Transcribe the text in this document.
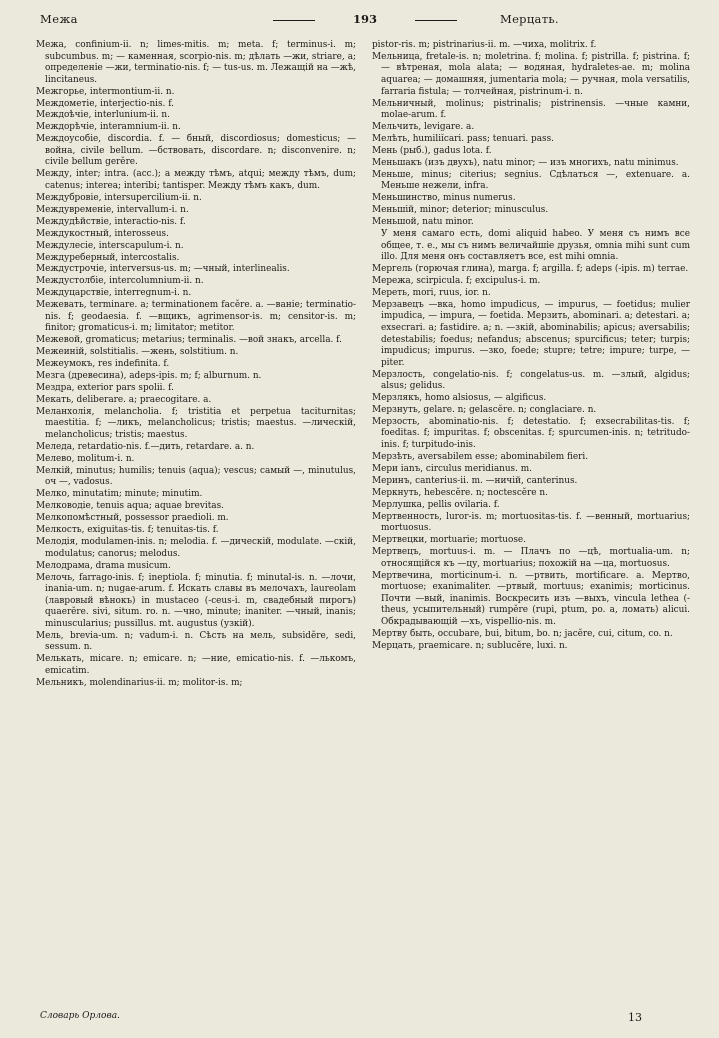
Межа	193	Мерцать.
Межа, confinium-ii. n; limes-mitis. m; meta. f; terminus-i. m; subcumbus. m; — каменная, scorpio-nis. m; дѣлать —жи, striare, a; определенie —жи, terminatio-nis. f; — tus-us. m. Лежащiй на —жѣ, lincitaneus.
Межгорье, intermontium-ii. n.
Междометiе, interjectio-nis. f.
Междоѣчiе, interlunium-ii. n.
Междорѣчiе, interamnium-ii. n.
Междоусобiе, discordia. f. — бный, discordiosus; domesticus; — война, civile bellum. —бствовать, discordare. n; disconvenire. n; civile bellum gerĕre.
Между, inter; intra. (acc.); а между тѣмъ, atqui; между тѣмъ, dum; catenus; interea; interibi; tantisper. Между тѣмъ какъ, dum.
Междубровiе, intersupercilium-ii. n.
Междувременiе, intervallum-i. n.
Междудѣйствiе, interactio-nis. f.
Междукостный, interosseus.
Междулесiе, interscapulum-i. n.
Междуреберный, intercostalis.
Междустрочiе, interversus-us. m; —чный, interlinealis.
Междустолбiе, intercolumnium-ii. n.
Междуцарствiе, interregnum-i. n.
Межевать, terminare. a; terminationem facĕre. a. —ванiе; terminatio-nis. f; geodaesia. f. —вщикъ, agrimensor-is. m; censitor-is. m; finitor; gromaticus-i. m; limitator; metitor.
Межевой, gromaticus; metarius; terminalis. —вой знакъ, arcella. f.
Межеинiй, solstitialis. —жень, solstitium. n.
Межеумокъ, res indefinita. f.
Мезга (древесина), adeps-ipis. m; f; alburnum. n.
Мездра, exterior pars spolii. f.
Мекать, deliberare. a; praecogitare. a.
Меланхолiя, melancholia. f; tristitia et perpetua taciturnitas; maestitia. f; —ликъ, melancholicus; tristis; maestus. —лическiй, melancholicus; tristis; maestus.
Меледа, retardatio-nis. f.—дить, retardare. a. n.
Мелево, molitum-i. n.
Мелкiй, minutus; humilis; tenuis (aqua); vescus; самый —, minutulus, оч —, vadosus.
Мелко, minutatim; minute; minutim.
Мелководiе, tenuis aqua; aquae brevitas.
Мелкопомѣстный, possessor praedioli. m.
Мелкость, exiguitas-tis. f; tenuitas-tis. f.
Мелодiя, modulamen-inis. n; melodia. f. —дическiй, modulate. —скiй, modulatus; canorus; melodus.
Мелодрама, drama musicum.
Мелочь, farrago-inis. f; ineptiola. f; minutia. f; minutal-is. n. —лочи, inania-um. n; nugae-arum. f. Искать славы въ мелочахъ, laureolam (лавровый вѣнокъ) in mustaceo (-ceus-i. m, свадебный пирогъ) quaerĕre. sivi, situm. ro. n. —чно, minute; inaniter. —чный, inanis; minuscularius; pussillus. mt. augustus (узкiй).
Мель, brevia-um. n; vadum-i. n. Сѣсть на мель, subsidĕre, sedi, sessum. n.
Мелькать, micare. n; emicare. n; —ние, emicatio-nis. f. —лькомъ, emicatim.
Мельникъ, molendinarius-ii. m; molitor-is. m;
pistor-ris. m; pistrinarius-ii. m. —чиха, molitrix. f.
Мельница, fretale-is. n; moletrina. f; molina. f; pistrilla. f; pistrina. f; — вѣтреная, mola alata; — водяная, hydraletes-ae. m; molina aquarea; — домашняя, jumentaria mola; — ручная, mola versatilis, farraria fistula; — толчейная, pistrinum-i. n.
Мельничный, molinus; pistrinalis; pistrinensis. —чные камни, molae-arum. f.
Мельчить, levigare. a.
Мелѣть, humiliĭcari. pass; tenuari. pass.
Мень (рыб.), gadus lota. f.
Меньшакъ (изъ двухъ), natu minor; — изъ многихъ, natu minimus.
Меньше, minus; citerius; segnius. Сдѣлаться —, extenuare. a. Меньше нежели, infra.
Меньшинство, minus numerus.
Меньшiй, minor; deterior; minusculus.
Меньшой, natu minor.
У меня самаго есть, domi aliquid habeo. У меня съ нимъ все общее, т. е., мы съ нимъ величайшiе друзья, omnia mihi sunt cum illo. Для меня онъ составляетъ все, est mihi omnia.
Мергель (горючая глина), marga. f; argilla. f; adeps (-ipis. m) terrae.
Мережа, scirpicula. f; excipulus-i. m.
Мереть, mori, ruus, ior. n.
Мерзавецъ —вка, homo impudicus, — impurus, — foetidus; mulier impudica, — impura, — foetida. Мерзить, abominari. a; detestari. a; exsecrari. a; fastidire. a; n. —зкiй, abominabilis; apicus; aversabilis; detestabilis; foedus; nefandus; abscenus; spurcificus; teter; turpis; impudicus; impurus. —зко, foede; stupre; tetre; impure; turpe, — piter.
Мерзлость, congelatio-nis. f; congelatus-us. m. —злый, algidus; alsus; gelidus.
Мерзлякъ, homo alsiosus, — algificus.
Мерзнуть, gelare. n; gelascĕre. n; conglaciare. n.
Мерзость, abominatio-nis. f; detestatio. f; exsecrabilitas-tis. f; foeditas. f; impuritas. f; obscenitas. f; spurcumen-inis. n; tetritudo-inis. f; turpitudo-inis.
Мерзѣть, aversabilem esse; abominabilem fieri.
Мери ianъ, circulus meridianus. m.
Меринъ, canterius-ii. m. —ничiй, canterinus.
Меркнуть, hebescĕre. n; noctescĕre n.
Мерлушка, pellis ovilaria. f.
Мертвенность, luror-is. m; mortuositas-tis. f. —венный, mortuarius; mortuosus.
Мертвецки, mortuarie; mortuose.
Мертвецъ, mortuus-i. m. — Плачъ по —цѣ, mortualia-um. n; относящiйся къ —цу, mortuarius; похожiй на —ца, mortuosus.
Мертвечина, morticinum-i. n. —ртвить, mortificare. a. Мертво, mortuose; exanimaliter. —ртвый, mortuus; exanimis; morticinus. Почти —вый, inanimis. Воскресить изъ —выхъ, vincula lethea (-theus, усыпительный) rumpĕre (rupi, ptum, po. a, ломать) alicui. Обкрадывающiй —хъ, vispellio-nis. m.
Мертву быть, occubare, bui, bitum, bo. n; jacĕre, cui, citum, co. n.
Мерцать, praemicare. n; sublucĕre, luxi. n.
Словарь Орлова.	13
